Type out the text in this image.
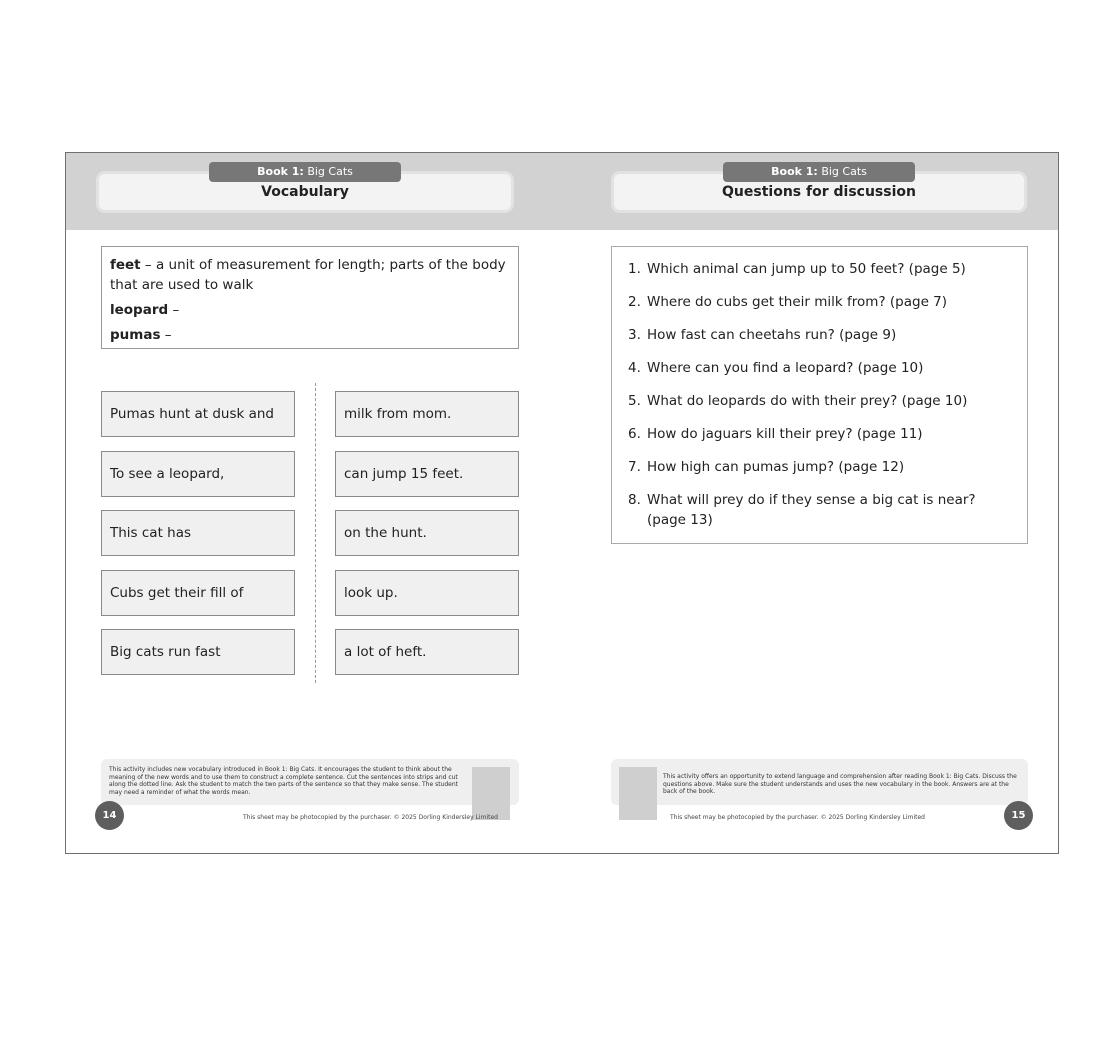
Book 1: Big Cats
Vocabulary
feet – a unit of measurement for length; parts of the body that are used to walk
leopard –
pumas –
Pumas hunt at dusk and
To see a leopard,
This cat has
Cubs get their fill of
Big cats run fast
milk from mom.
can jump 15 feet.
on the hunt.
look up.
a lot of heft.
This activity includes new vocabulary introduced in Book 1: Big Cats. It encourages the student to think about the meaning of the new words and to use them to construct a complete sentence. Cut the sentences into strips and cut along the dotted line. Ask the student to match the two parts of the sentence so that they make sense. The student may need a reminder of what the words mean.
14	This sheet may be photocopied by the purchaser. © 2025 Dorling Kindersley Limited
Book 1: Big Cats
Questions for discussion
1. Which animal can jump up to 50 feet? (page 5)
2. Where do cubs get their milk from? (page 7)
3. How fast can cheetahs run? (page 9)
4. Where can you find a leopard? (page 10)
5. What do leopards do with their prey? (page 10)
6. How do jaguars kill their prey? (page 11)
7. How high can pumas jump? (page 12)
8. What will prey do if they sense a big cat is near? (page 13)
This activity offers an opportunity to extend language and comprehension after reading Book 1: Big Cats. Discuss the questions above. Make sure the student understands and uses the new vocabulary in the book. Answers are at the back of the book.
This sheet may be photocopied by the purchaser. © 2025 Dorling Kindersley Limited	15
